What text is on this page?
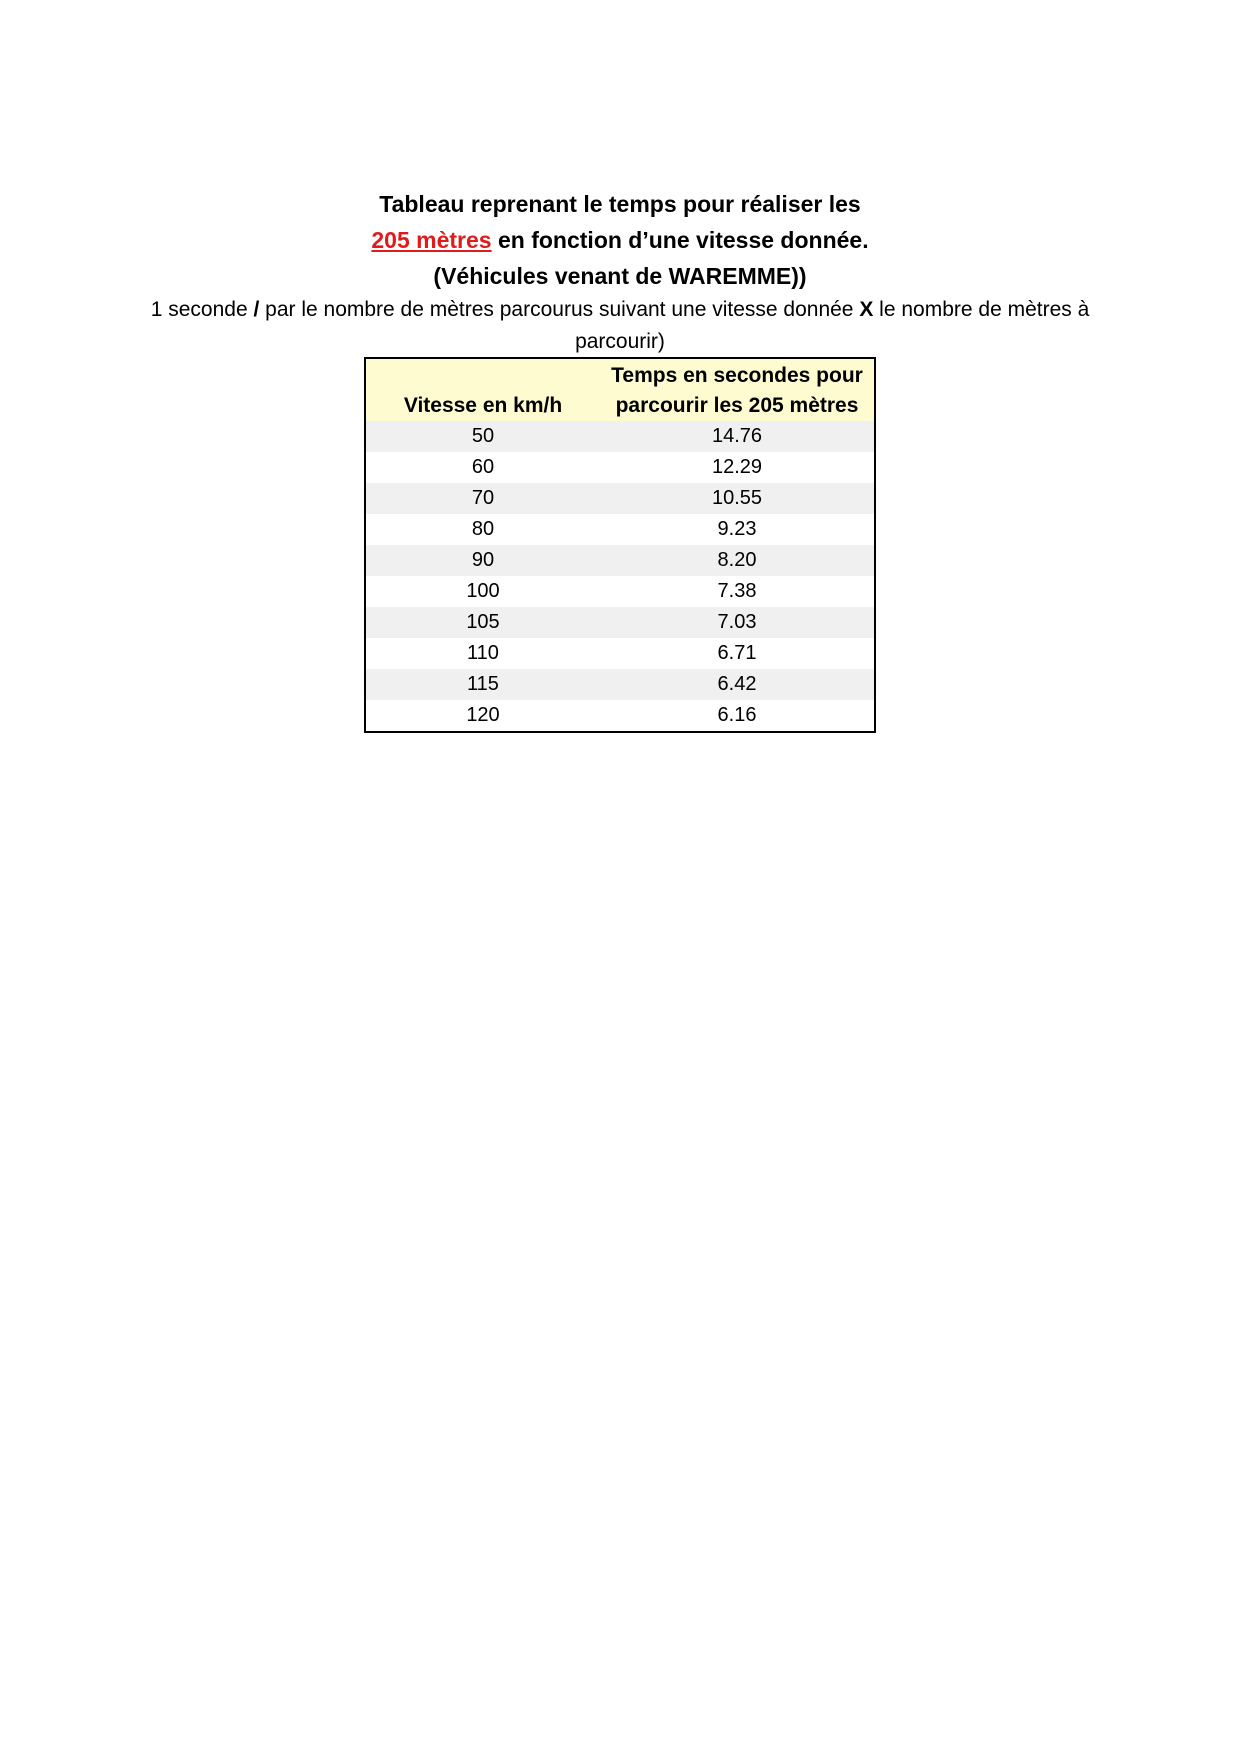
Tableau reprenant le temps pour réaliser les
205 mètres en fonction d’une vitesse donnée.
(Véhicules venant de WAREMME))
1 seconde / par le nombre de mètres parcourus suivant une vitesse donnée X le nombre de mètres à parcourir)
Vitesse en km/h	Temps en secondes pour parcourir les 205 mètres
50	14.76
60	12.29
70	10.55
80	9.23
90	8.20
100	7.38
105	7.03
110	6.71
115	6.42
120	6.16
